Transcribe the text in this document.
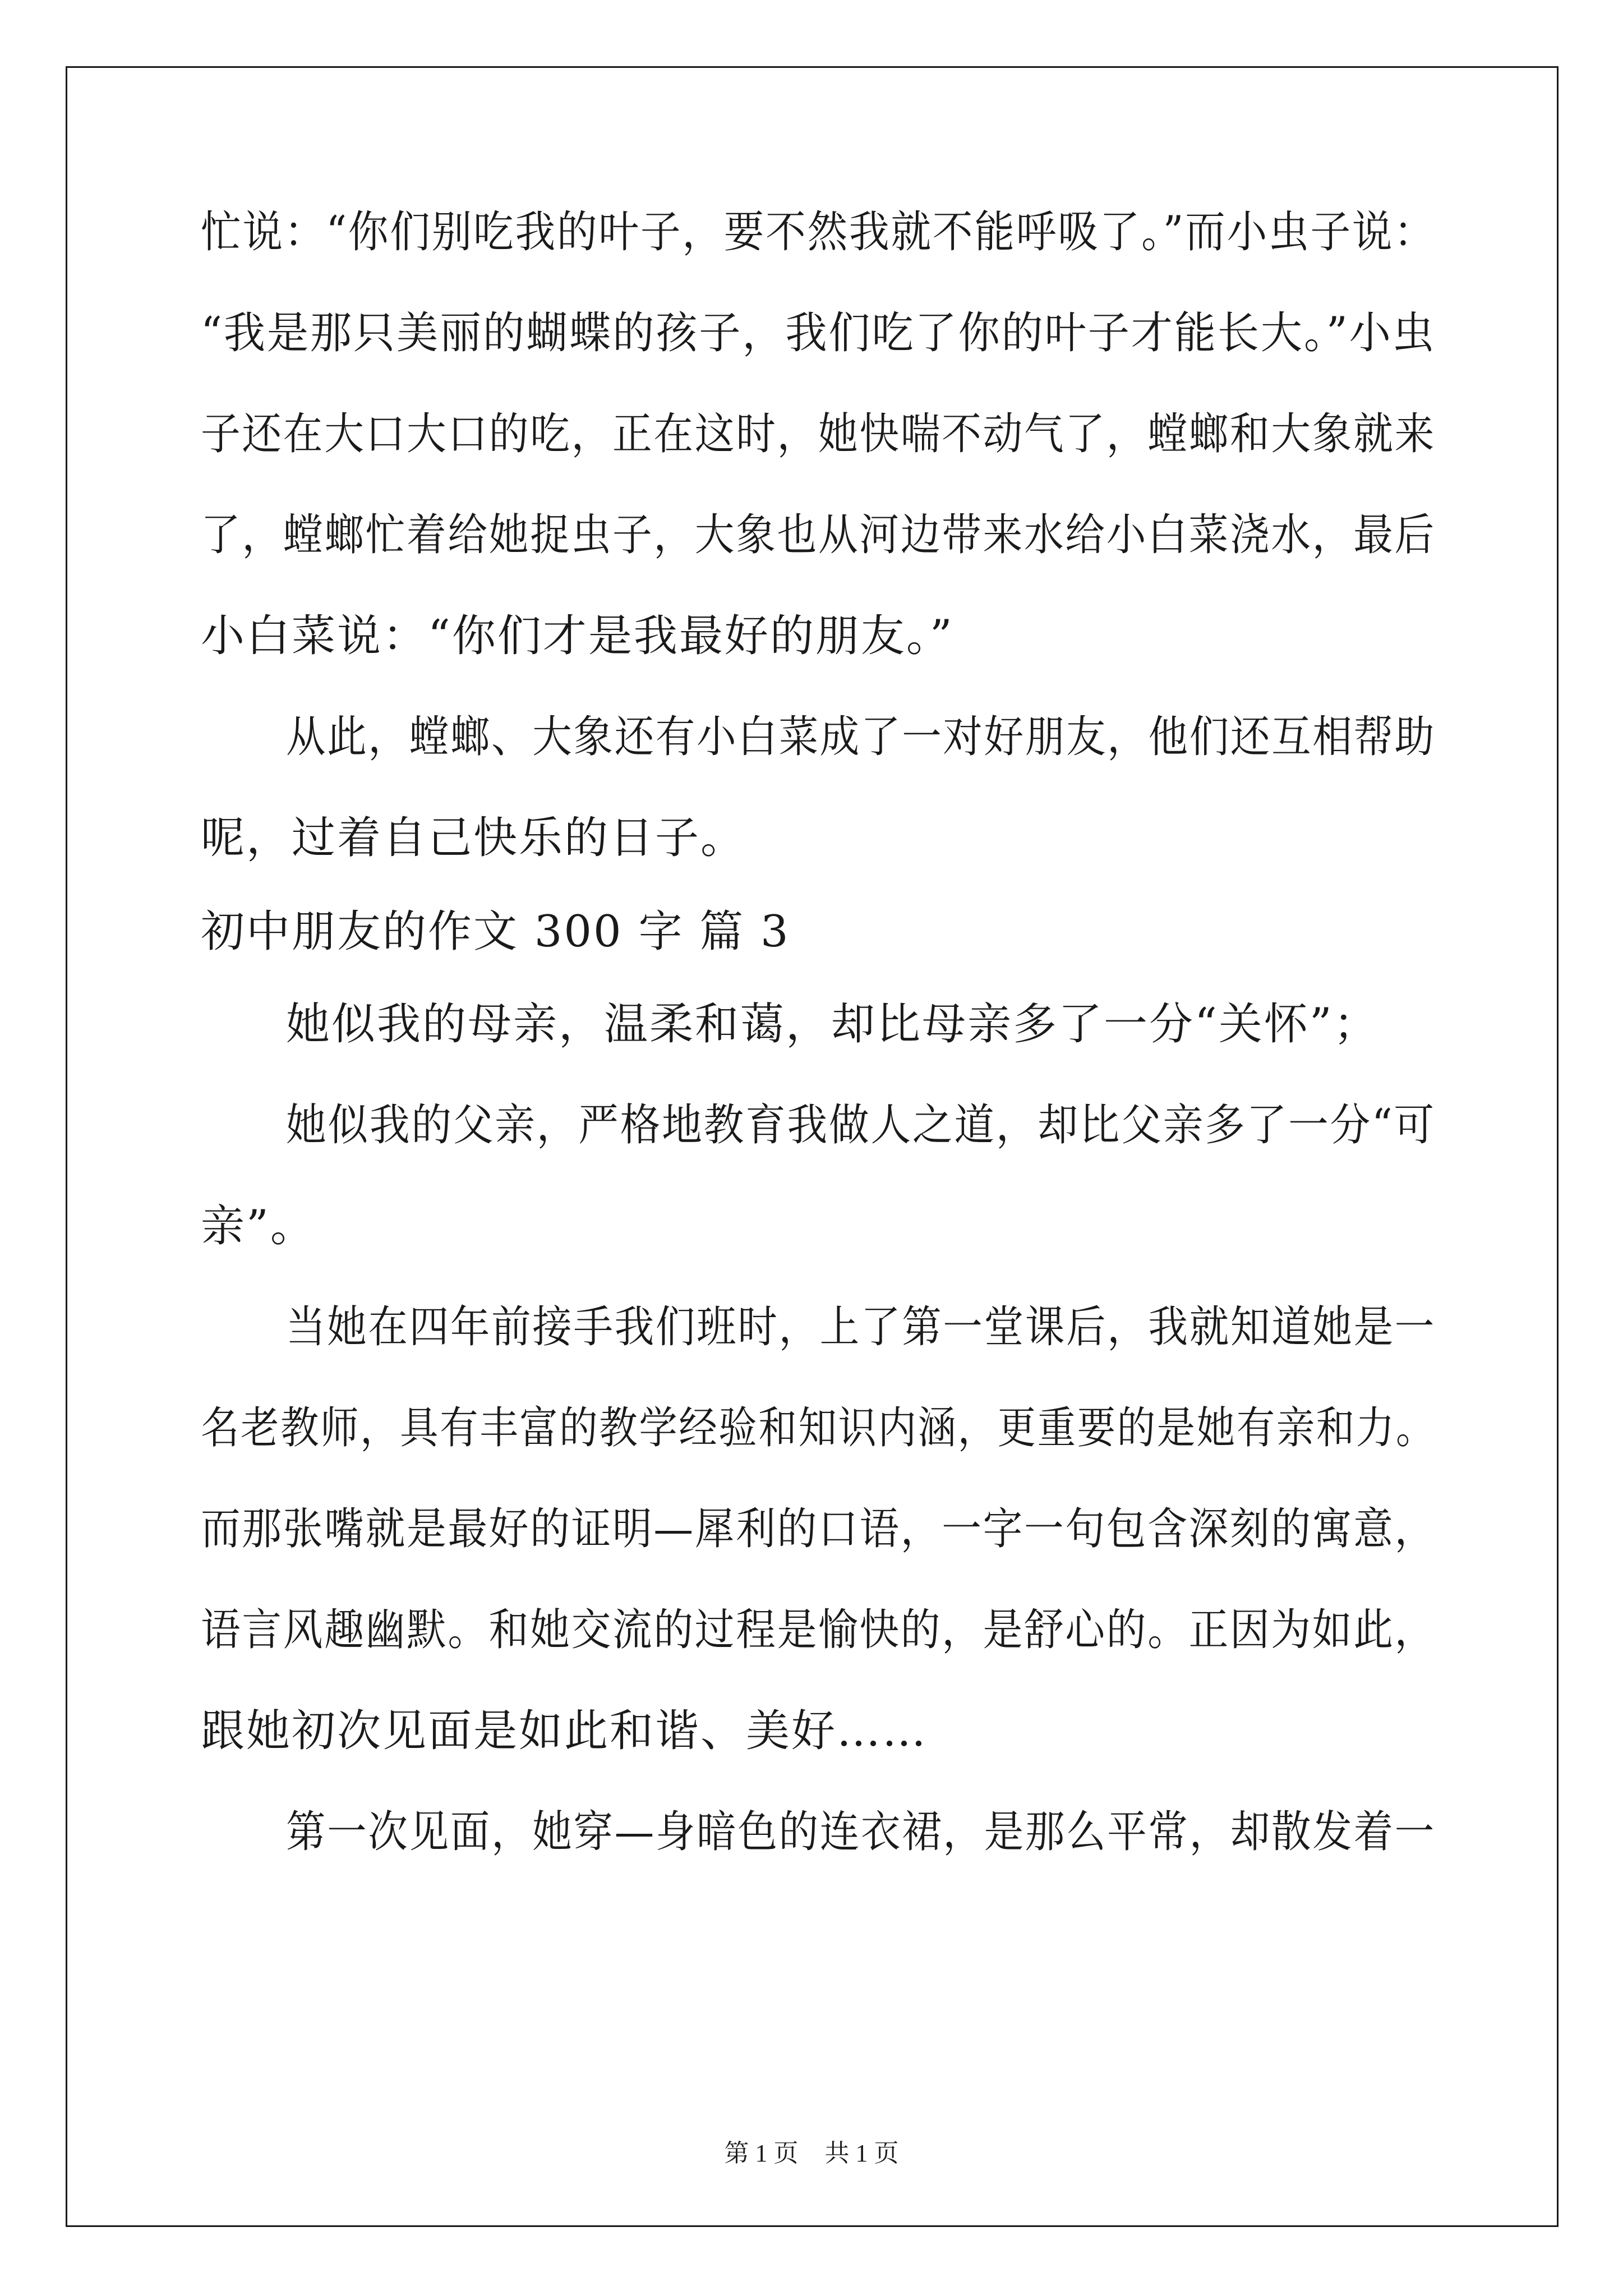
忙说：“你们别吃我的叶子，要不然我就不能呼吸了。”而小虫子说：
“我是那只美丽的蝴蝶的孩子，我们吃了你的叶子才能长大。”小虫
子还在大口大口的吃，正在这时，她快喘不动气了，螳螂和大象就来
了，螳螂忙着给她捉虫子，大象也从河边带来水给小白菜浇水，最后
小白菜说：“你们才是我最好的朋友。”
从此，螳螂、大象还有小白菜成了一对好朋友，他们还互相帮助
呢，过着自己快乐的日子。
初中朋友的作文 300 字 篇 3
她似我的母亲，温柔和蔼，却比母亲多了一分“关怀”；
她似我的父亲，严格地教育我做人之道，却比父亲多了一分“可
亲”。
当她在四年前接手我们班时，上了第一堂课后，我就知道她是一
名老教师，具有丰富的教学经验和知识内涵，更重要的是她有亲和力。
而那张嘴就是最好的证明—犀利的口语，一字一句包含深刻的寓意，
语言风趣幽默。和她交流的过程是愉快的，是舒心的。正因为如此，
跟她初次见面是如此和谐、美好……
第一次见面，她穿—身暗色的连衣裙，是那么平常，却散发着一
第 1 页 共 1 页
